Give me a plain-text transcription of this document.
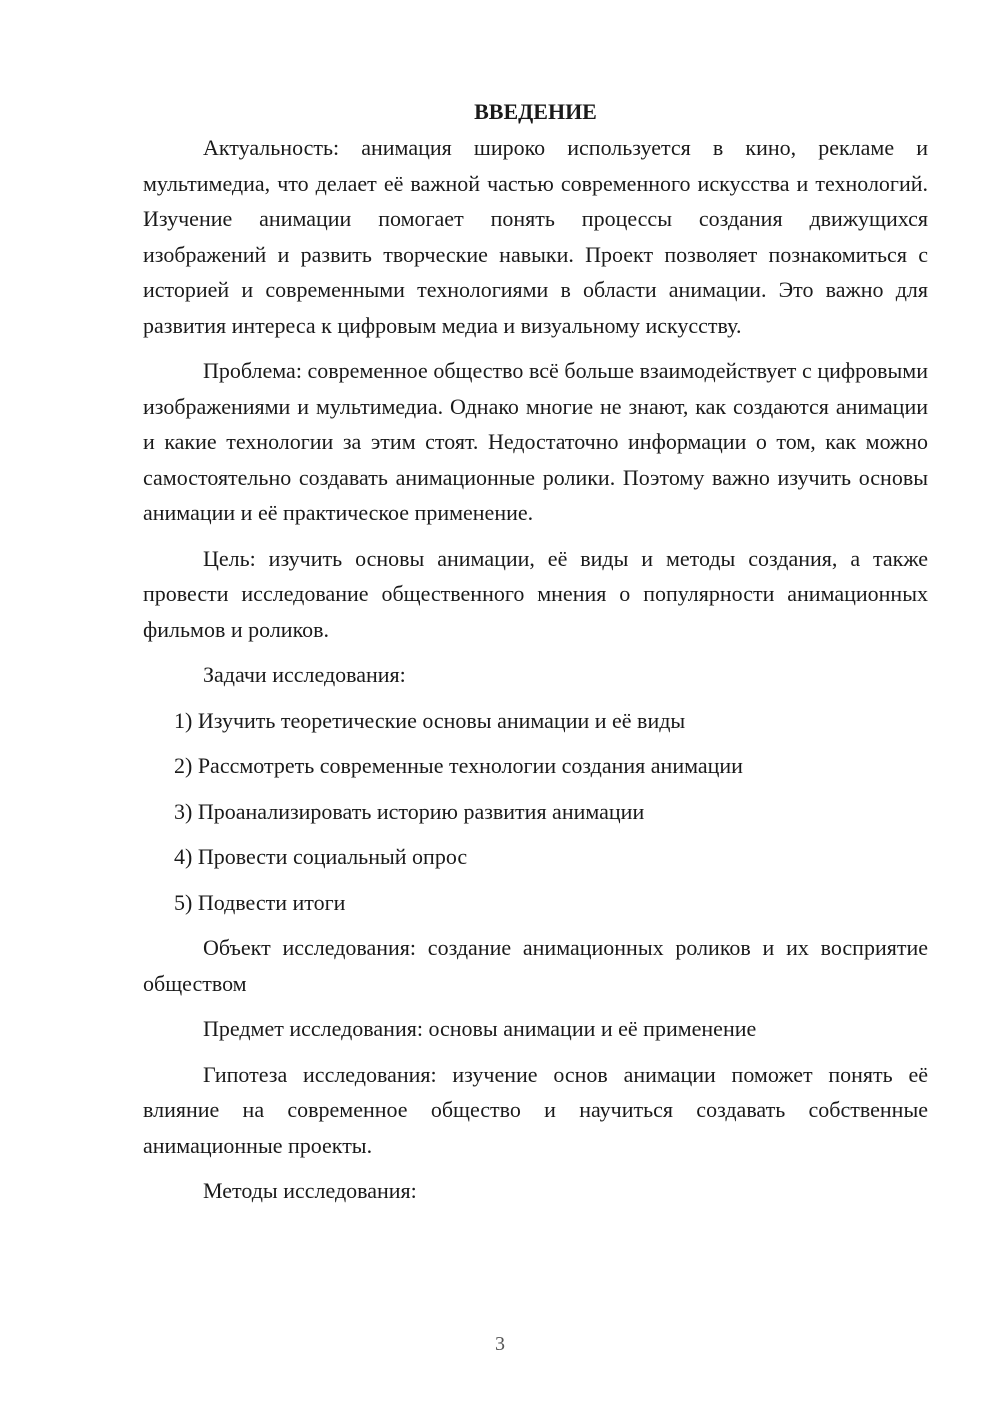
ВВЕДЕНИЕ

Актуальность: анимация широко используется в кино, рекламе и мультимедиа, что делает её важной частью современного искусства и технологий. Изучение анимации помогает понять процессы создания движущихся изображений и развить творческие навыки. Проект позволяет познакомиться с историей и современными технологиями в области анимации. Это важно для развития интереса к цифровым медиа и визуальному искусству.

Проблема: современное общество всё больше взаимодействует с цифровыми изображениями и мультимедиа. Однако многие не знают, как создаются анимации и какие технологии за этим стоят. Недостаточно информации о том, как можно самостоятельно создавать анимационные ролики. Поэтому важно изучить основы анимации и её практическое применение.

Цель: изучить основы анимации, её виды и методы создания, а также провести исследование общественного мнения о популярности анимационных фильмов и роликов.

Задачи исследования:

1) Изучить теоретические основы анимации и её виды

2) Рассмотреть современные технологии создания анимации

3) Проанализировать историю развития анимации

4) Провести социальный опрос

5) Подвести итоги

Объект исследования: создание анимационных роликов и их восприятие обществом

Предмет исследования: основы анимации и её применение

Гипотеза исследования: изучение основ анимации поможет понять её влияние на современное общество и научиться создавать собственные анимационные проекты.

Методы исследования:

3
